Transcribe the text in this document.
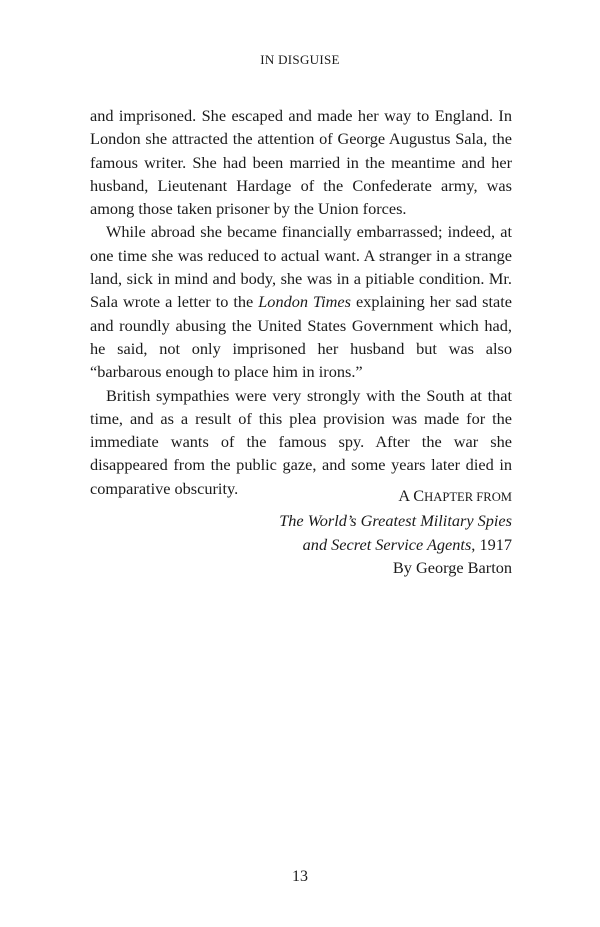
IN DISGUISE

and imprisoned. She escaped and made her way to England. In London she attracted the attention of George Augustus Sala, the famous writer. She had been married in the meantime and her husband, Lieutenant Hardage of the Confederate army, was among those taken prisoner by the Union forces.

While abroad she became financially embarrassed; indeed, at one time she was reduced to actual want. A stranger in a strange land, sick in mind and body, she was in a pitiable condition. Mr. Sala wrote a letter to the London Times explaining her sad state and roundly abusing the United States Government which had, he said, not only imprisoned her husband but was also “barbarous enough to place him in irons.”

British sympathies were very strongly with the South at that time, and as a result of this plea provision was made for the immediate wants of the famous spy. After the war she disappeared from the public gaze, and some years later died in comparative obscurity.	A CHAPTER FROM
The World’s Greatest Military Spies
and Secret Service Agents, 1917
By George Barton
13
